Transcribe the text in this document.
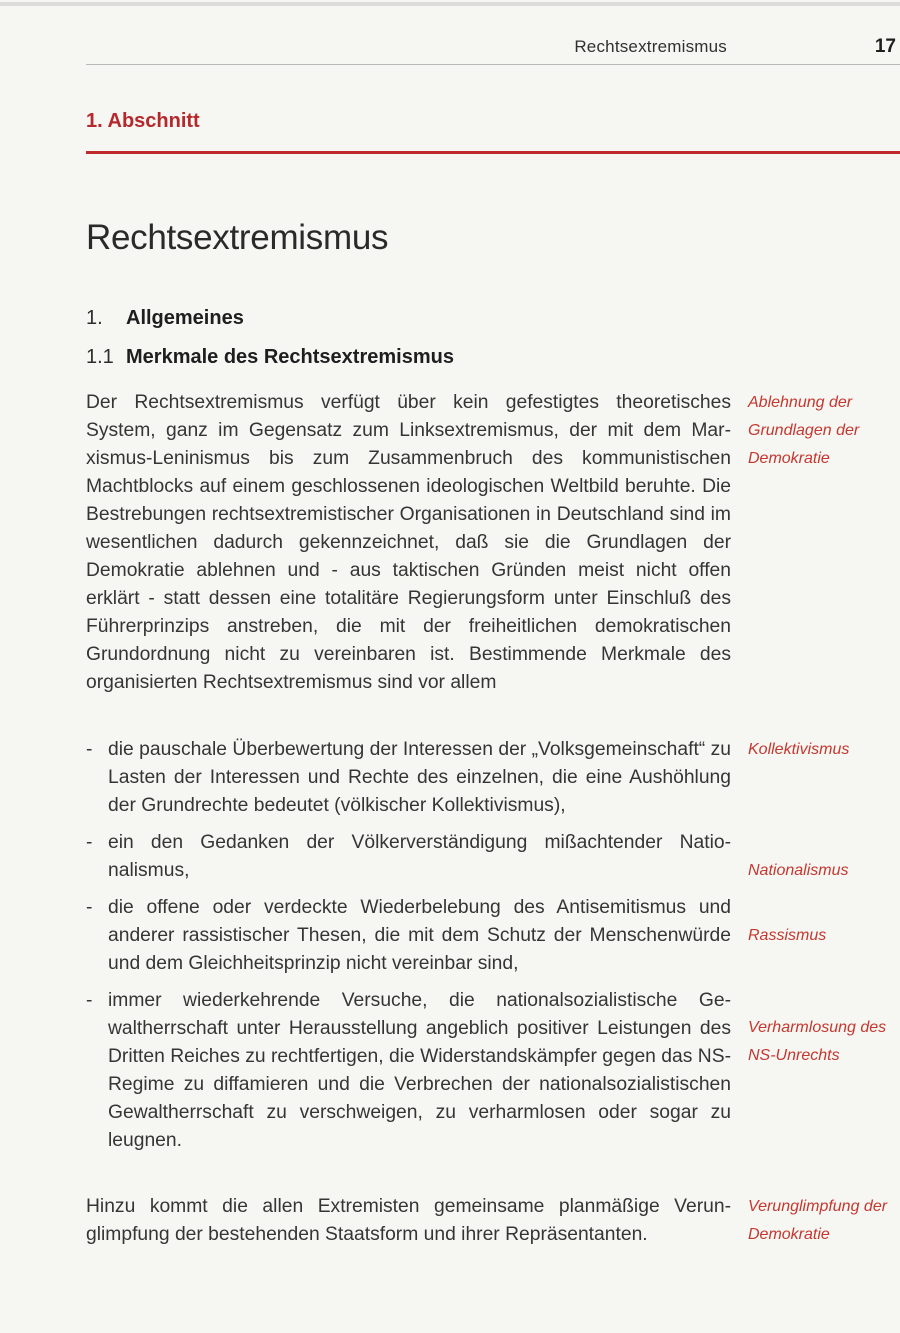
Rechtsextremismus	17
1. Abschnitt
Rechtsextremismus
1. Allgemeines
1.1 Merkmale des Rechtsextremismus

Der Rechtsextremismus verfügt über kein gefestigtes theoretisches System, ganz im Gegensatz zum Linksextremismus, der mit dem Marxismus-Leninismus bis zum Zusammenbruch des kommunistischen Machtblocks auf einem geschlossenen ideologischen Weltbild beruhte. Die Bestrebungen rechtsextremistischer Organisationen in Deutschland sind im wesentlichen dadurch gekennzeichnet, daß sie die Grundlagen der Demokratie ablehnen und - aus taktischen Gründen meist nicht offen erklärt - statt dessen eine totalitäre Regierungsform unter Einschluß des Führerprinzips anstreben, die mit der freiheitlichen demokratischen Grundordnung nicht zu vereinbaren ist. Bestimmende Merkmale des organisierten Rechtsextremismus sind vor allem

- die pauschale Überbewertung der Interessen der „Volksgemeinschaft“ zu Lasten der Interessen und Rechte des einzelnen, die eine Aushöhlung der Grundrechte bedeutet (völkischer Kollektivismus),
- ein den Gedanken der Völkerverständigung mißachtender Nationalismus,
- die offene oder verdeckte Wiederbelebung des Antisemitismus und anderer rassistischer Thesen, die mit dem Schutz der Menschenwürde und dem Gleichheitsprinzip nicht vereinbar sind,
- immer wiederkehrende Versuche, die nationalsozialistische Gewaltherrschaft unter Herausstellung angeblich positiver Leistungen des Dritten Reiches zu rechtfertigen, die Widerstandskämpfer gegen das NS-Regime zu diffamieren und die Verbrechen der nationalsozialistischen Gewaltherrschaft zu verschweigen, zu verharmlosen oder sogar zu leugnen.

Hinzu kommt die allen Extremisten gemeinsame planmäßige Verunglimpfung der bestehenden Staatsform und ihrer Repräsentanten.

Ablehnung der Grundlagen der Demokratie
Kollektivismus
Nationalismus
Rassismus
Verharmlosung des NS-Unrechts
Verunglimpfung der Demokratie
